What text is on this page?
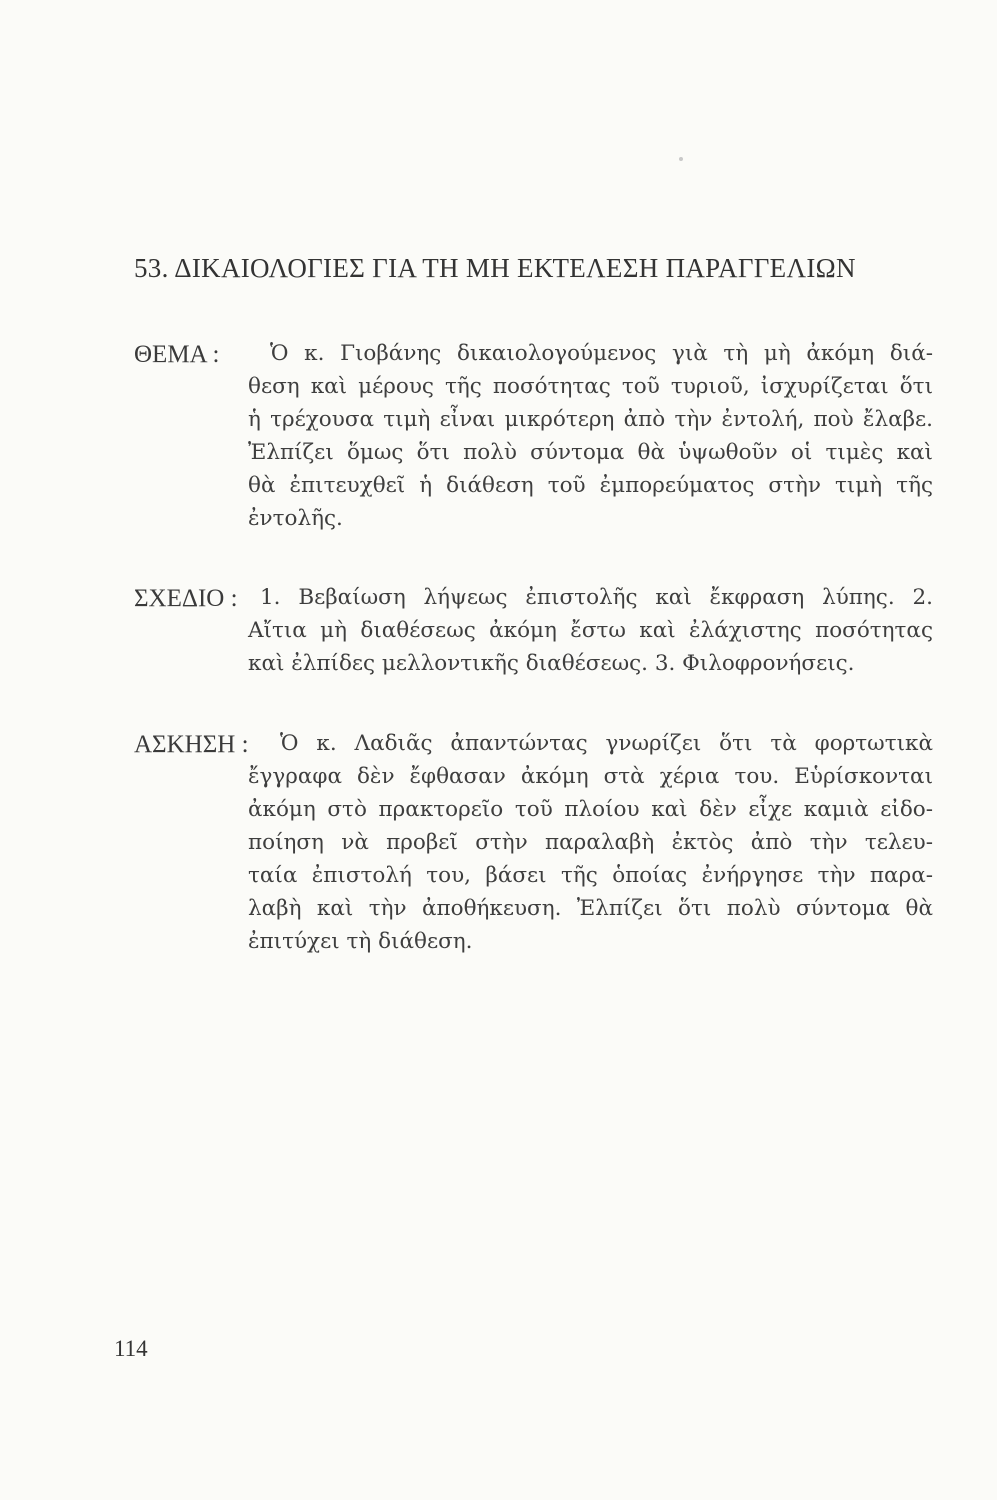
53. ΔΙΚΑΙΟΛΟΓΙΕΣ ΓΙΑ ΤΗ ΜΗ ΕΚΤΕΛΕΣΗ ΠΑΡΑΓΓΕΛΙΩΝ
ΘΕΜΑ : Ὁ κ. Γιοβάνης δικαιολογούμενος γιὰ τὴ μὴ ἀκόμη διά-
θεση καὶ μέρους τῆς ποσότητας τοῦ τυριοῦ, ἰσχυρίζεται ὅτι
ἡ τρέχουσα τιμὴ εἶναι μικρότερη ἀπὸ τὴν ἐντολή, ποὺ ἔλαβε.
Ἐλπίζει ὅμως ὅτι πολὺ σύντομα θὰ ὑψωθοῦν οἱ τιμὲς καὶ
θὰ ἐπιτευχθεῖ ἡ διάθεση τοῦ ἐμπορεύματος στὴν τιμὴ τῆς
ἐντολῆς.
ΣΧΕΔΙΟ : 1. Βεβαίωση λήψεως ἐπιστολῆς καὶ ἔκφραση λύπης. 2.
Αἴτια μὴ διαθέσεως ἀκόμη ἔστω καὶ ἐλάχιστης ποσότητας
καὶ ἐλπίδες μελλοντικῆς διαθέσεως. 3. Φιλοφρονήσεις.
ΑΣΚΗΣΗ : Ὁ κ. Λαδιᾶς ἀπαντώντας γνωρίζει ὅτι τὰ φορτωτικὰ
ἔγγραφα δὲν ἔφθασαν ἀκόμη στὰ χέρια του. Εὑρίσκονται
ἀκόμη στὸ πρακτορεῖο τοῦ πλοίου καὶ δὲν εἶχε καμιὰ εἰδο-
ποίηση νὰ προβεῖ στὴν παραλαβὴ ἐκτὸς ἀπὸ τὴν τελευ-
ταία ἐπιστολή του, βάσει τῆς ὁποίας ἐνήργησε τὴν παρα-
λαβὴ καὶ τὴν ἀποθήκευση. Ἐλπίζει ὅτι πολὺ σύντομα θὰ
ἐπιτύχει τὴ διάθεση.
114
